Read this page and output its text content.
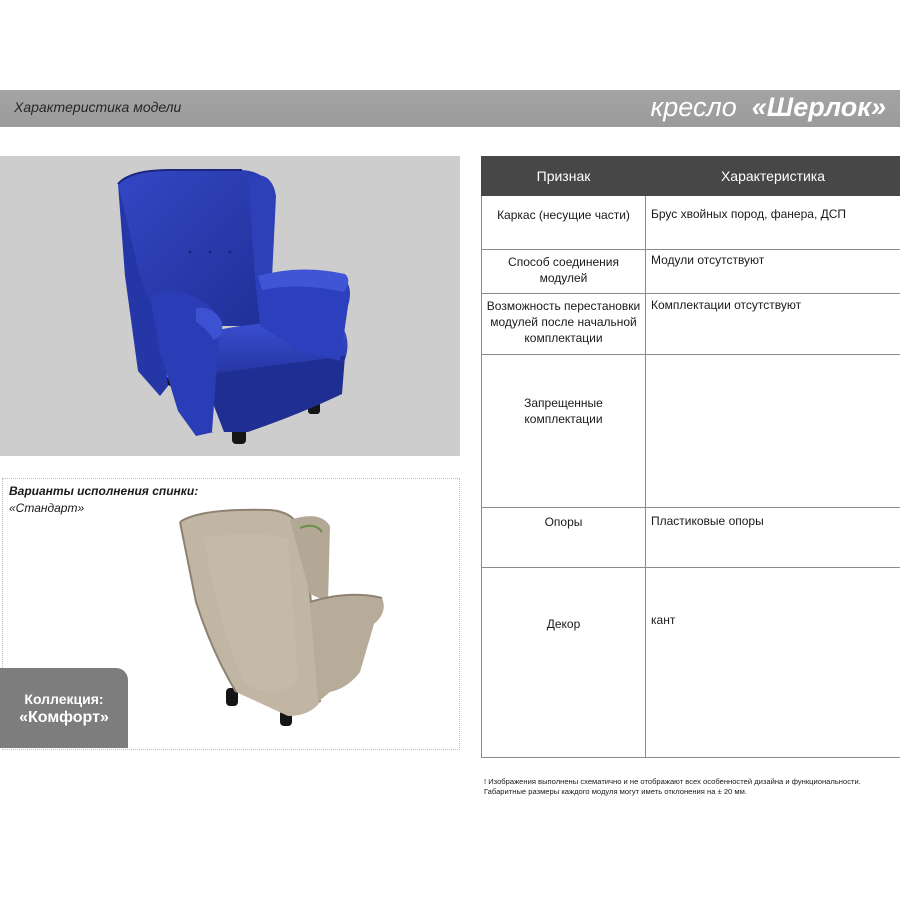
Характеристика модели	кресло «Шерлок»
Варианты исполнения спинки:
«Стандарт»
Коллекция:
«Комфорт»
Признак	Характеристика
Каркас (несущие части)	Брус хвойных пород, фанера, ДСП
Способ соединения модулей	Модули отсутствуют
Возможность перестановки модулей после начальной комплектации	Комплектации отсутствуют
Запрещенные комплектации	
Опоры	Пластиковые опоры
Декор	кант
! Изображения выполнены схематично и не отображают всех особенностей дизайна и функциональности.
Габаритные размеры каждого модуля могут иметь отклонения на ± 20 мм.
